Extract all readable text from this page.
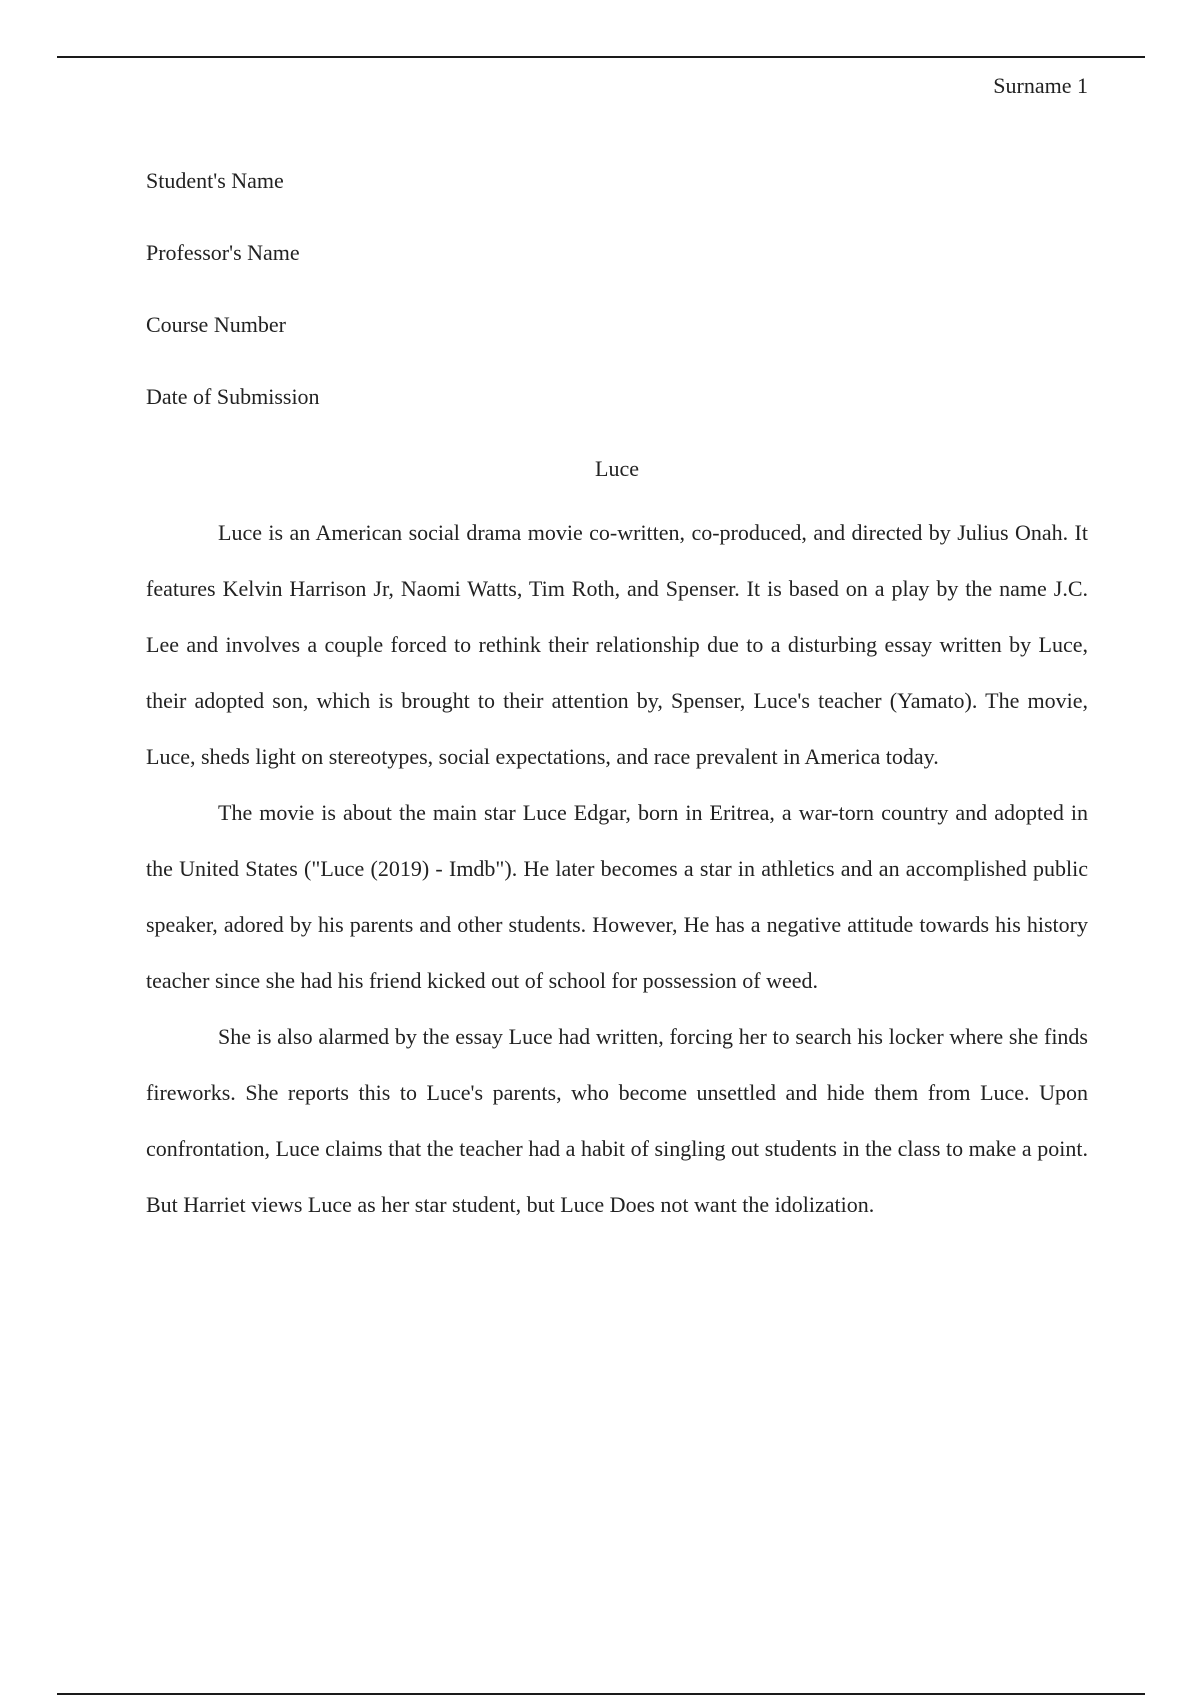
Surname 1

Student's Name

Professor's Name

Course Number

Date of Submission

Luce

Luce is an American social drama movie co-written, co-produced, and directed by Julius Onah. It features Kelvin Harrison Jr, Naomi Watts, Tim Roth, and Spenser. It is based on a play by the name J.C. Lee and involves a couple forced to rethink their relationship due to a disturbing essay written by Luce, their adopted son, which is brought to their attention by, Spenser, Luce's teacher (Yamato). The movie, Luce, sheds light on stereotypes, social expectations, and race prevalent in America today.

The movie is about the main star Luce Edgar, born in Eritrea, a war-torn country and adopted in the United States ("Luce (2019) - Imdb"). He later becomes a star in athletics and an accomplished public speaker, adored by his parents and other students. However, He has a negative attitude towards his history teacher since she had his friend kicked out of school for possession of weed.

She is also alarmed by the essay Luce had written, forcing her to search his locker where she finds fireworks. She reports this to Luce's parents, who become unsettled and hide them from Luce. Upon confrontation, Luce claims that the teacher had a habit of singling out students in the class to make a point. But Harriet views Luce as her star student, but Luce Does not want the idolization.
